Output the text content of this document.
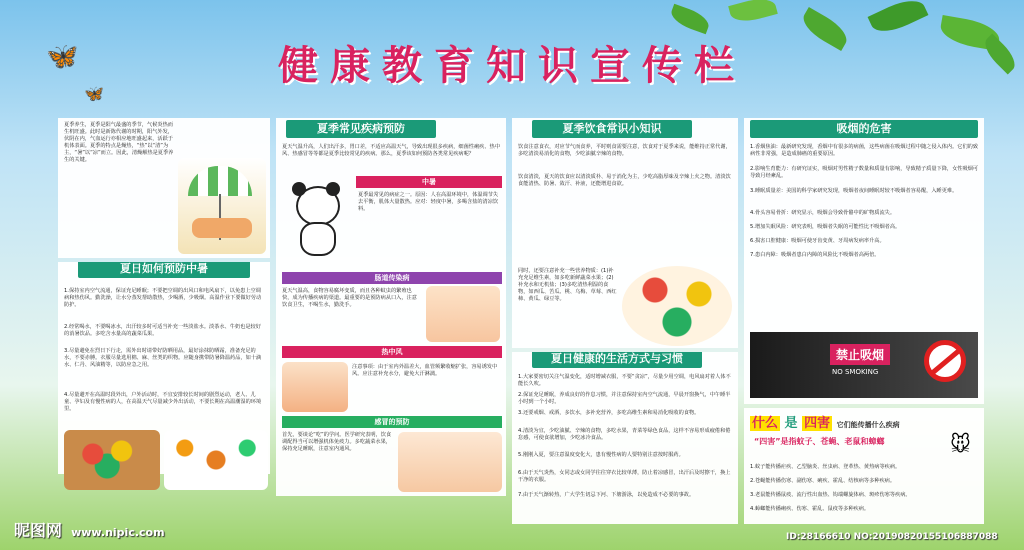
🦋
🦋
健康教育知识宣传栏
夏季养生，夏季是阳气最盛的季节，气候炎热而生机旺盛。此时是新陈代谢的时期，阳气外发，伏阴在内，气血运行亦相应地旺盛起来，活跃于机体表面。夏季的特点是燥热，“热”以“清”为主，“暑”以“凉”而立。因此，清燥解热是夏季养生的关键。
夏日如何预防中暑
1.保持室内空气流通，保证充足睡眠；不要把空调的出风口和电风扇下，以免患上空调病和热伤风。勤洗澡，让水分蒸发帮助散热，少喝酒，少吸烟。高温作业下要做好劳动防护。
2.经常喝水，不要喝冰水，出汗较多时可适当补充一些淡盐水。淡茶水、牛奶也是较好的消暑饮品。多吃含水量高的蔬菜瓜果。
3.尽量避免在烈日下行走，需外出时请带好防晒用品，最好涂抹防晒霜，准备充足的水，不要赤膊。衣服尽量选用棉、麻、丝类的织物。应随身携带防暑降温药品，如十滴水、仁丹、风油精等，以防应急之用。
4.尽量避开在高温时段外出，户外活动时，不宜安排较长时间的剧烈运动，老人、儿童、孕妇及有慢性病的人，在高温天气尽量减少外出活动，不要长期在高温潮湿的环境里。
夏季常见疾病预防
夏天气温升高，人们出汗多，胃口差，不适应高温天气，导致出现很多疾病，细菌性痢疾、热中风、热感冒等等都是夏季比较常见的疾病。那么，夏季该如何预防各类常见疾病呢？
中暑
夏季最常见的病症之一。原因：人在高温环境中，体温调节失去平衡，肌体大量散热。应对：轻度中暑，多喝含盐的清凉饮料。
肠道传染病
夏天气温高，食物容易腐坏变质，而且各种蚊虫的繁殖也快，成为传播疾病的渠道。最重要的是预防病从口入，注意饮食卫生，不喝生水，勤洗手。
热中风
注意事项：由于室内外温差大，血管频繁收缩扩张，容易诱发中风。应注意补充水分，避免大汗淋漓。
感冒的预防
首先，要谈论“吃”的学问。医学研究表明，饮食调配得当可以增强机体免疫力。多吃蔬菜水果，保持充足睡眠，注意室内通风。
夏季饮食常识小知识
饮食注意食衣，对应节气而食养，平时则食需要注意，饮食对于夏季来说，能维持正常代谢，多吃清淡易消化的食物，少吃油腻辛辣的食物。
饮食清淡，夏天的饮食应以清淡质朴、易于消化为主，少吃高脂厚味及辛辣上火之物。清淡饮食能清热、防暑、敛汗、补液，还能增进食欲。
同时，还要注意补充一些营养物质：(1)补充充足维生素，如多吃新鲜蔬菜水果；(2)补充水和无机盐；(3)多吃清热利湿的食物，如西瓜、苦瓜、桃、乌梅、草莓、西红柿、黄瓜、绿豆等。
夏日健康的生活方式与习惯
1.大家要密切关注气温变化，适时增减衣服，不要“贪凉”，尽量少用空调，电风扇对着人体不能长久吹。
2.保证充足睡眠，养成良好的作息习惯，并注意保持室内空气流通，早晨开窗换气，中午睡半小时到一个小时。
3.还要戒烟、戒酒，多饮水，多补充营养，多吃高维生素和易消化吸收的食物。
4.清淡为宜，少吃油腻、辛辣的食物，多吃水果，青菜等绿色食品，这样不容易形成疲倦和倦怠感，可使食欲增加，少吃冰冷食品。
5.刚刚入夏，要注意温度变化大，患有慢性病的人要特别注意按时服药。
6.由于天气炎热，女同志或女同学往往穿衣比较单薄，防止着凉感冒，出汗后及时擦干，换上干净的衣服。
7.由于天气渐转热，广大学生切忌下河、下塘游泳，以免造成不必要的事故。
吸烟的危害
1.香烟焦油：最新研究发现，香烟中有很多的病菌，这些病菌在吸烟过程中随之侵入体内。它们的致病性非常强，是造成肺癌的重要原因。
2.影响生育能力：有研究证实，吸烟对男性精子数量和质量有影响，导致精子质量下降，女性吸烟可导致月经紊乱。
3.睡眠质量差：美国的科学家研究发现，吸烟者夜间睡眠时较不吸烟者容易醒，入睡更难。
4.骨头容易骨折：研究显示，吸烟会导致骨骼中的矿物质流失。
5.增加失眠风险：研究表明，吸烟者失眠的可能性比不吸烟者高。
6.损害口腔健康：吸烟可使牙齿变黄、牙周病发病率升高。
7.患白内障：吸烟者患白内障的风险比不吸烟者高两倍。
禁止吸烟
NO SMOKING
什么 是 四害 它们能传播什么疾病
“四害”是指蚊子、苍蝇、老鼠和蟑螂	🐭
1.蚊子能传播疟疾、乙型脑炎、丝虫病、登革热、黄热病等疾病。
2.苍蝇能传播伤寒、副伤寒、痢疾、霍乱、结核病等多种疾病。
3.老鼠能传播鼠疫、流行性出血热、钩端螺旋体病、斑疹伤寒等疾病。
4.蟑螂能传播痢疾、伤寒、霍乱、鼠疫等多种疾病。
昵图网 www.nipic.com	ID:28166610 NO:20190820155106887088
